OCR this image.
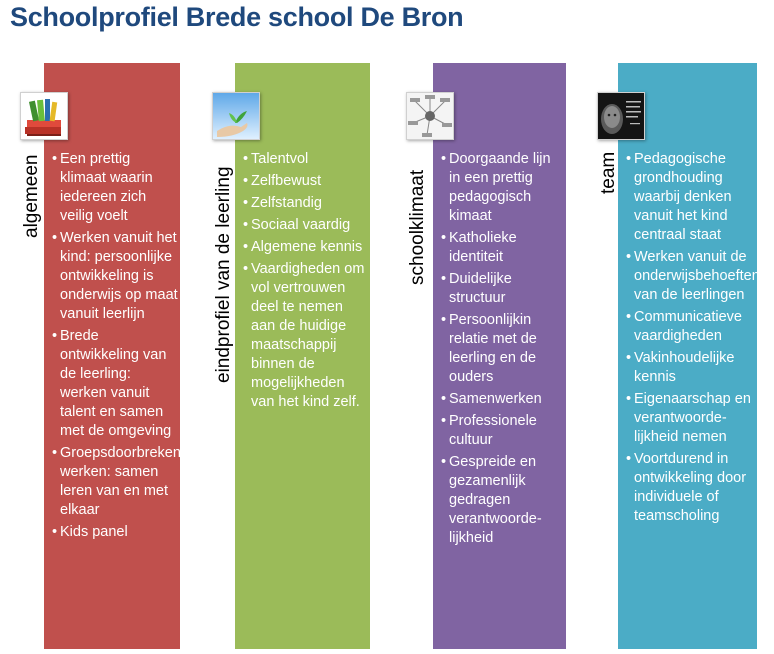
Schoolprofiel Brede school De Bron
• Een prettig klimaat waarin iedereen zich veilig voelt
• Werken vanuit het kind: persoonlijke ontwikkeling is onderwijs op maat vanuit leerlijn
• Brede ontwikkeling van de leerling: werken vanuit talent en samen met de omgeving
• Groepsdoorbrekend werken: samen leren van en met elkaar
• Kids panel
algemeen
•	Talentvol
• Zelfbewust
• Zelfstandig
• Sociaal vaardig
• Algemene kennis
• Vaardigheden om vol vertrouwen deel te nemen aan de huidige maatschappij binnen de mogelijkheden van het kind zelf.
eindprofiel van de leerling
• Doorgaande lijn in een prettig pedagogisch kimaat
• Katholieke identiteit
• Duidelijke structuur
• Persoonlijkin relatie met de leerling en de ouders
• Samenwerken
• Professionele cultuur
• Gespreide en gezamenlijk gedragen verantwoorde-lijkheid
schoolklimaat
• Pedagogische grondhouding waarbij denken vanuit het kind centraal staat
• Werken vanuit de onderwijsbehoeften van de leerlingen
• Communicatieve vaardigheden
• Vakinhoudelijke kennis
• Eigenaarschap en verantwoorde-lijkheid nemen
• Voortdurend in ontwikkeling door individuele of teamscholing
team
